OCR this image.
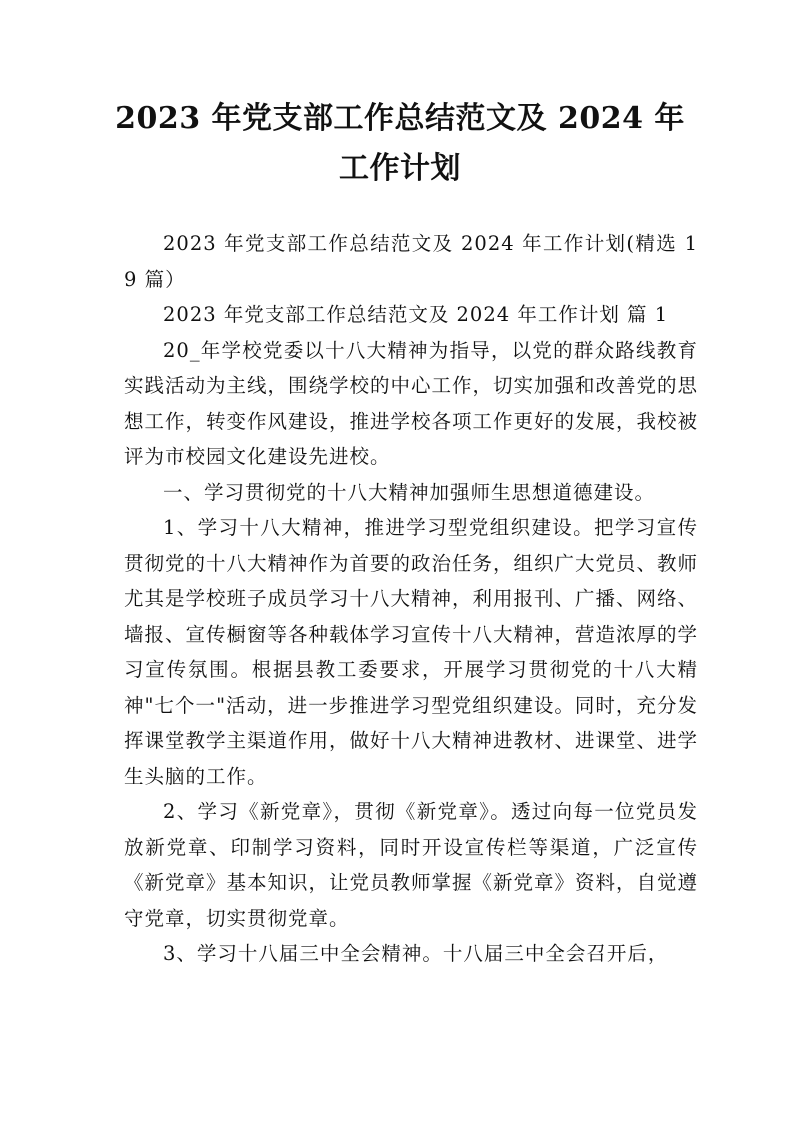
2023 年党支部工作总结范文及 2024 年工作计划

2023 年党支部工作总结范文及 2024 年工作计划(精选 19 篇）

2023 年党支部工作总结范文及 2024 年工作计划 篇 1

20_年学校党委以十八大精神为指导，以党的群众路线教育实践活动为主线，围绕学校的中心工作，切实加强和改善党的思想工作，转变作风建设，推进学校各项工作更好的发展，我校被评为市校园文化建设先进校。

一、学习贯彻党的十八大精神加强师生思想道德建设。

1、学习十八大精神，推进学习型党组织建设。把学习宣传贯彻党的十八大精神作为首要的政治任务，组织广大党员、教师尤其是学校班子成员学习十八大精神，利用报刊、广播、网络、墙报、宣传橱窗等各种载体学习宣传十八大精神，营造浓厚的学习宣传氛围。根据县教工委要求，开展学习贯彻党的十八大精神"七个一"活动，进一步推进学习型党组织建设。同时，充分发挥课堂教学主渠道作用，做好十八大精神进教材、进课堂、进学生头脑的工作。

2、学习《新党章》，贯彻《新党章》。透过向每一位党员发放新党章、印制学习资料，同时开设宣传栏等渠道，广泛宣传《新党章》基本知识，让党员教师掌握《新党章》资料，自觉遵守党章，切实贯彻党章。

3、学习十八届三中全会精神。十八届三中全会召开后，
